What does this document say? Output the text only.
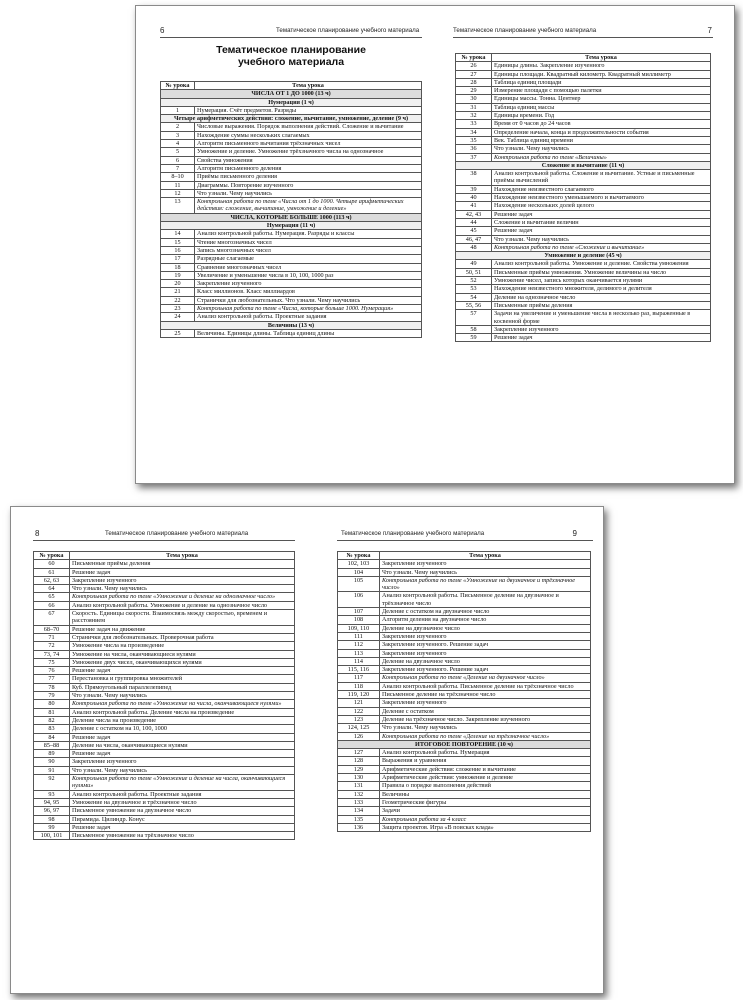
6	Тематическое планирование учебного материала
Тематическое планирование
учебного материала
№ урока	Тема урока
ЧИСЛА ОТ 1 ДО 1000 (13 ч)	
Нумерация (1 ч)	
1	Нумерация. Счёт предметов. Разряды
Четыре арифметических действия: сложение, вычитание, умножение, деление (9 ч)	
2	Числовые выражения. Порядок выполнения действий. Сложение и вычитание
3	Нахождение суммы нескольких слагаемых
4	Алгоритм письменного вычитания трёхзначных чисел
5	Умножение и деление. Умножение трёхзначного числа на однозначное
6	Свойства умножения
7	Алгоритм письменного деления
8–10	Приёмы письменного деления
11	Диаграммы. Повторение изученного
12	Что узнали. Чему научились
13	Контрольная работа по теме «Числа от 1 до 1000. Четыре арифметических действия: сложение, вычитание, умножение и деление»
ЧИСЛА, КОТОРЫЕ БОЛЬШЕ 1000 (113 ч)	
Нумерация (11 ч)	
14	Анализ контрольной работы. Нумерация. Разряды и классы
15	Чтение многозначных чисел
16	Запись многозначных чисел
17	Разрядные слагаемые
18	Сравнение многозначных чисел
19	Увеличение и уменьшение числа в 10, 100, 1000 раз
20	Закрепление изученного
21	Класс миллионов. Класс миллиардов
22	Странички для любознательных. Что узнали. Чему научились
23	Контрольная работа по теме «Числа, которые больше 1000. Нумерация»
24	Анализ контрольной работы. Проектные задания
Величины (13 ч)	
25	Величины. Единицы длины. Таблица единиц длины
7
Тематическое планирование учебного материала
№ урока	Тема урока
26	Единицы длины. Закрепление изученного
27	Единицы площади. Квадратный километр. Квадратный миллиметр
28	Таблица единиц площади
29	Измерение площади с помощью палетки
30	Единицы массы. Тонна. Центнер
31	Таблица единиц массы
32	Единицы времени. Год
33	Время от 0 часов до 24 часов
34	Определение начала, конца и продолжительности события
35	Век. Таблица единиц времени
36	Что узнали. Чему научились
37	Контрольная работа по теме «Величины»
Сложение и вычитание (11 ч)	
38	Анализ контрольной работы. Сложение и вычитание. Устные и письменные приёмы вычислений
39	Нахождение неизвестного слагаемого
40	Нахождение неизвестного уменьшаемого и вычитаемого
41	Нахождение нескольких долей целого
42, 43	Решение задач
44	Сложение и вычитание величин
45	Решение задач
46, 47	Что узнали. Чему научились
48	Контрольная работа по теме «Сложение и вычитание»
Умножение и деление (45 ч)	
49	Анализ контрольной работы. Умножение и деление. Свойства умножения
50, 51	Письменные приёмы умножения. Умножение величины на число
52	Умножение чисел, запись которых оканчивается нулями
53	Нахождение неизвестного множителя, делимого и делителя
54	Деление на однозначное число
55, 56	Письменные приёмы деления
57	Задачи на увеличение и уменьшение числа в несколько раз, выраженные в косвенной форме
58	Закрепление изученного
59	Решение задач
8	Тематическое планирование учебного материала
№ урока	Тема урока
60	Письменные приёмы деления
61	Решение задач
62, 63	Закрепление изученного
64	Что узнали. Чему научились
65	Контрольная работа по теме «Умножение и деление на однозначное число»
66	Анализ контрольной работы. Умножение и деление на однозначное число
67	Скорость. Единицы скорости. Взаимосвязь между скоростью, временем и расстоянием
68–70	Решение задач на движение
71	Странички для любознательных. Проверочная работа
72	Умножение числа на произведение
73, 74	Умножение на числа, оканчивающиеся нулями
75	Умножение двух чисел, оканчивающихся нулями
76	Решение задач
77	Перестановка и группировка множителей
78	Куб. Прямоугольный параллелепипед
79	Что узнали. Чему научились
80	Контрольная работа по теме «Умножение на числа, оканчивающиеся нулями»
81	Анализ контрольной работы. Деление числа на произведение
82	Деление числа на произведение
83	Деление с остатком на 10, 100, 1000
84	Решение задач
85–88	Деление на числа, оканчивающиеся нулями
89	Решение задач
90	Закрепление изученного
91	Что узнали. Чему научились
92	Контрольная работа по теме «Умножение и деление на числа, оканчивающиеся нулями»
93	Анализ контрольной работы. Проектные задания
94, 95	Умножение на двузначное и трёхзначное число
96, 97	Письменное умножение на двузначное число
98	Пирамида. Цилиндр. Конус
99	Решение задач
100, 101	Письменное умножение на трёхзначное число
9
Тематическое планирование учебного материала
№ урока	Тема урока
102, 103	Закрепление изученного
104	Что узнали. Чему научились
105	Контрольная работа по теме «Умножение на двузначное и трёхзначное число»
106	Анализ контрольной работы. Письменное деление на двузначное и трёхзначное число
107	Деление с остатком на двузначное число
108	Алгоритм деления на двузначное число
109, 110	Деление на двузначное число
111	Закрепление изученного
112	Закрепление изученного. Решение задач
113	Закрепление изученного
114	Деление на двузначное число
115, 116	Закрепление изученного. Решение задач
117	Контрольная работа по теме «Деление на двузначное число»
118	Анализ контрольной работы. Письменное деление на трёхзначное число
119, 120	Письменное деление на трёхзначное число
121	Закрепление изученного
122	Деление с остатком
123	Деление на трёхзначное число. Закрепление изученного
124, 125	Что узнали. Чему научились
126	Контрольная работа по теме «Деление на трёхзначное число»
ИТОГОВОЕ ПОВТОРЕНИЕ (10 ч)	
127	Анализ контрольной работы. Нумерация
128	Выражения и уравнения
129	Арифметические действия: сложение и вычитание
130	Арифметические действия: умножение и деление
131	Правила о порядке выполнения действий
132	Величины
133	Геометрические фигуры
134	Задачи
135	Контрольная работа за 4 класс
136	Защита проектов. Игра «В поисках клада»
